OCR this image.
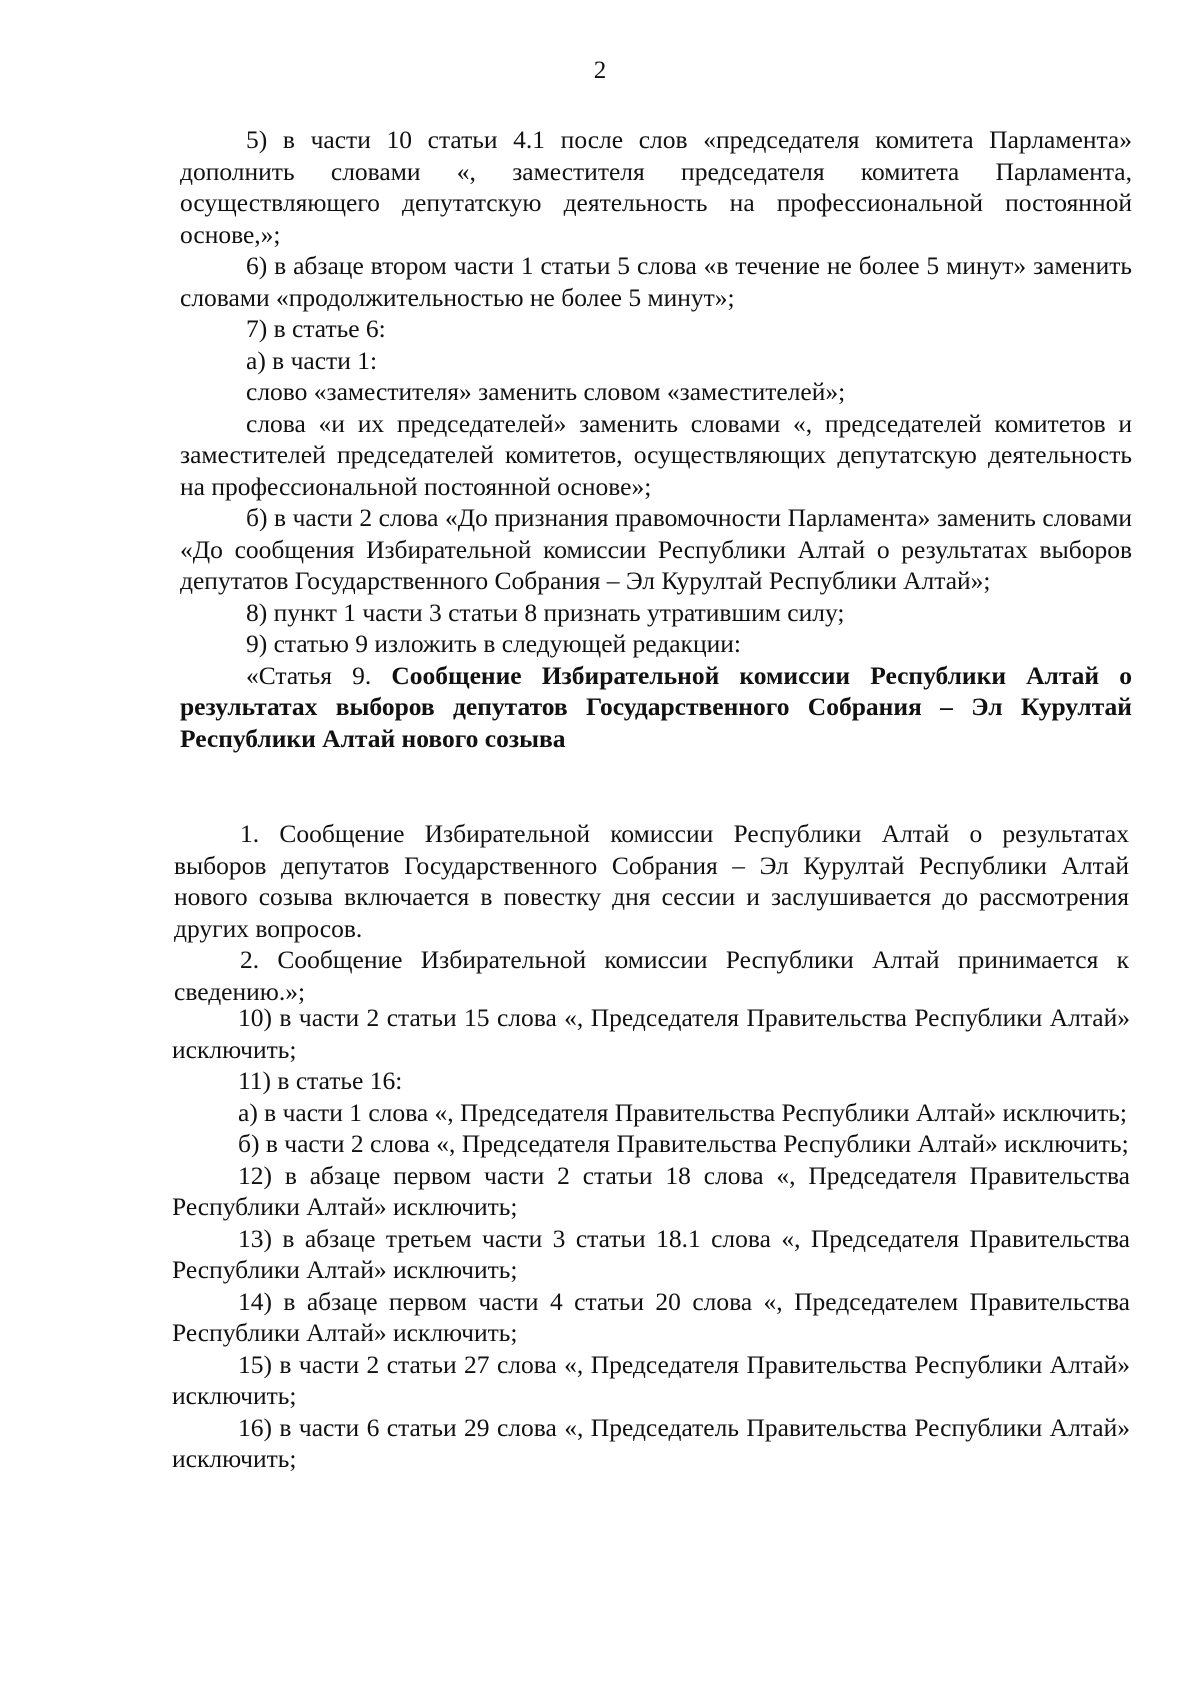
2

5) в части 10 статьи 4.1 после слов «председателя комитета Парламента» дополнить словами «, заместителя председателя комитета Парламента, осуществляющего депутатскую деятельность на профессиональной постоянной основе,»;

6) в абзаце втором части 1 статьи 5 слова «в течение не более 5 минут» заменить словами «продолжительностью не более 5 минут»;

7) в статье 6:

а) в части 1:

слово «заместителя» заменить словом «заместителей»;

слова «и их председателей» заменить словами «, председателей комитетов и заместителей председателей комитетов, осуществляющих депутатскую деятельность на профессиональной постоянной основе»;

б) в части 2 слова «До признания правомочности Парламента» заменить словами «До сообщения Избирательной комиссии Республики Алтай о результатах выборов депутатов Государственного Собрания – Эл Курултай Республики Алтай»;

8) пункт 1 части 3 статьи 8 признать утратившим силу;

9) статью 9 изложить в следующей редакции:

«Статья 9. Сообщение Избирательной комиссии Республики Алтай о результатах выборов депутатов Государственного Собрания – Эл Курултай Республики Алтай нового созыва

1. Сообщение Избирательной комиссии Республики Алтай о результатах выборов депутатов Государственного Собрания – Эл Курултай Республики Алтай нового созыва включается в повестку дня сессии и заслушивается до рассмотрения других вопросов.

2. Сообщение Избирательной комиссии Республики Алтай принимается к сведению.»;

10) в части 2 статьи 15 слова «, Председателя Правительства Республики Алтай» исключить;

11) в статье 16:

а) в части 1 слова «, Председателя Правительства Республики Алтай» исключить;

б) в части 2 слова «, Председателя Правительства Республики Алтай» исключить;

12) в абзаце первом части 2 статьи 18 слова «, Председателя Правительства Республики Алтай» исключить;

13) в абзаце третьем части 3 статьи 18.1 слова «, Председателя Правительства Республики Алтай» исключить;

14) в абзаце первом части 4 статьи 20 слова «, Председателем Правительства Республики Алтай» исключить;

15) в части 2 статьи 27 слова «, Председателя Правительства Республики Алтай» исключить;

16) в части 6 статьи 29 слова «, Председатель Правительства Республики Алтай» исключить;
